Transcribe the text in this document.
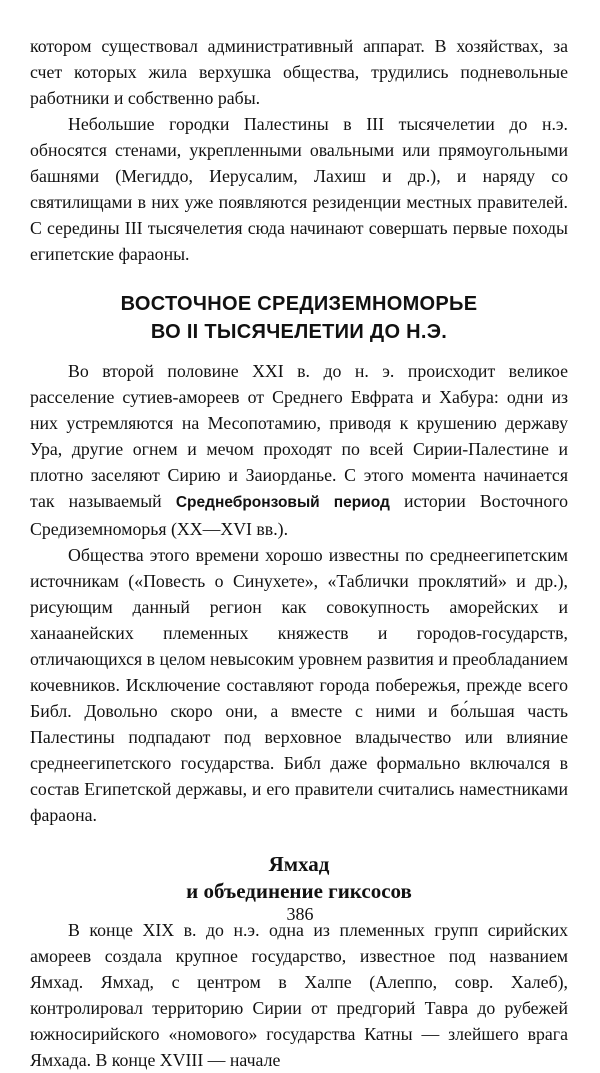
котором существовал административный аппарат. В хозяйствах, за счет которых жила верхушка общества, трудились подневольные работники и собственно рабы.

Небольшие городки Палестины в III тысячелетии до н.э. обносятся стенами, укрепленными овальными или прямоугольными башнями (Мегиддо, Иерусалим, Лахиш и др.), и наряду со святилищами в них уже появляются резиденции местных правителей. С середины III тысячелетия сюда начинают совершать первые походы египетские фараоны.

ВОСТОЧНОЕ СРЕДИЗЕМНОМОРЬЕ
ВО II ТЫСЯЧЕЛЕТИИ ДО Н.Э.

Во второй половине XXI в. до н. э. происходит великое расселение сутиев-амореев от Среднего Евфрата и Хабура: одни из них устремляются на Месопотамию, приводя к крушению державу Ура, другие огнем и мечом проходят по всей Сирии-Палестине и плотно заселяют Сирию и Заиорданье. С этого момента начинается так называемый Среднебронзовый период истории Восточного Средиземноморья (XX—XVI вв.).

Общества этого времени хорошо известны по среднеегипетским источникам («Повесть о Синухете», «Таблички проклятий» и др.), рисующим данный регион как совокупность аморейских и ханаанейских племенных княжеств и городов-государств, отличающихся в целом невысоким уровнем развития и преобладанием кочевников. Исключение составляют города побережья, прежде всего Библ. Довольно скоро они, а вместе с ними и бо́льшая часть Палестины подпадают под верховное владычество или влияние среднеегипетского государства. Библ даже формально включался в состав Египетской державы, и его правители считались наместниками фараона.

Ямхад
и объединение гиксосов

В конце XIX в. до н.э. одна из племенных групп сирийских амореев создала крупное государство, известное под названием Ямхад. Ямхад, с центром в Халпе (Алеппо, совр. Халеб), контролировал территорию Сирии от предгорий Тавра до рубежей южносирийского «номового» государства Катны — злейшего врага Ямхада. В конце XVIII — начале

386
